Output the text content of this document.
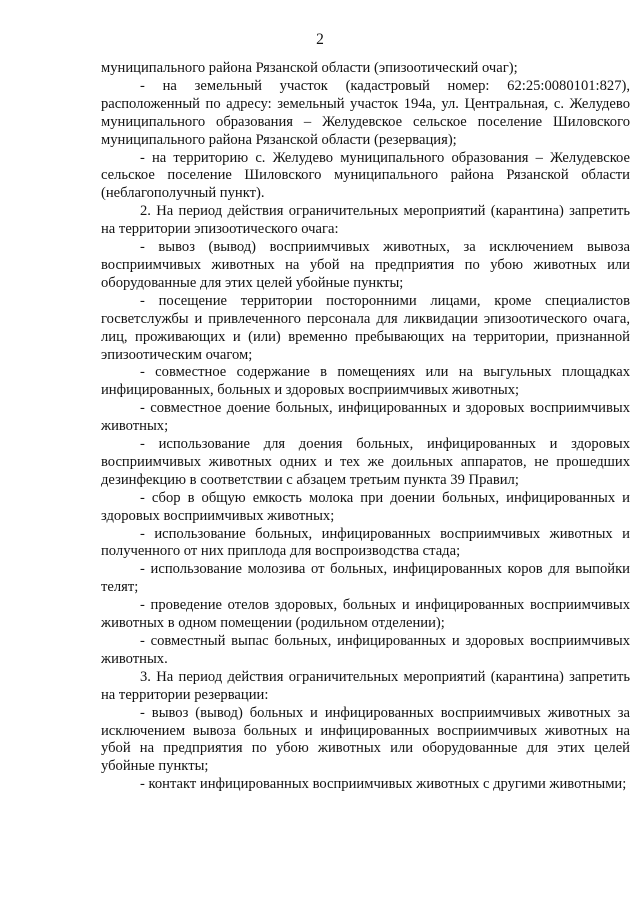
2

муниципального района Рязанской области (эпизоотический очаг);

- на земельный участок (кадастровый номер: 62:25:0080101:827), расположенный по адресу: земельный участок 194а, ул. Центральная, с. Желудево муниципального образования – Желудевское сельское поселение Шиловского муниципального района Рязанской области (резервация);

- на территорию с. Желудево муниципального образования – Желудевское сельское поселение Шиловского муниципального района Рязанской области (неблагополучный пункт).

2. На период действия ограничительных мероприятий (карантина) запретить на территории эпизоотического очага:

- вывоз (вывод) восприимчивых животных, за исключением вывоза восприимчивых животных на убой на предприятия по убою животных или оборудованные для этих целей убойные пункты;

- посещение территории посторонними лицами, кроме специалистов госветслужбы и привлеченного персонала для ликвидации эпизоотического очага, лиц, проживающих и (или) временно пребывающих на территории, признанной эпизоотическим очагом;

- совместное содержание в помещениях или на выгульных площадках инфицированных, больных и здоровых восприимчивых животных;

- совместное доение больных, инфицированных и здоровых восприимчивых животных;

- использование для доения больных, инфицированных и здоровых восприимчивых животных одних и тех же доильных аппаратов, не прошедших дезинфекцию в соответствии с абзацем третьим пункта 39 Правил;

- сбор в общую емкость молока при доении больных, инфицированных и здоровых восприимчивых животных;

- использование больных, инфицированных восприимчивых животных и полученного от них приплода для воспроизводства стада;

- использование молозива от больных, инфицированных коров для выпойки телят;

- проведение отелов здоровых, больных и инфицированных восприимчивых животных в одном помещении (родильном отделении);

- совместный выпас больных, инфицированных и здоровых восприимчивых животных.

3. На период действия ограничительных мероприятий (карантина) запретить на территории резервации:

- вывоз (вывод) больных и инфицированных восприимчивых животных за исключением вывоза больных и инфицированных восприимчивых животных на убой на предприятия по убою животных или оборудованные для этих целей убойные пункты;

- контакт инфицированных восприимчивых животных с другими животными;
